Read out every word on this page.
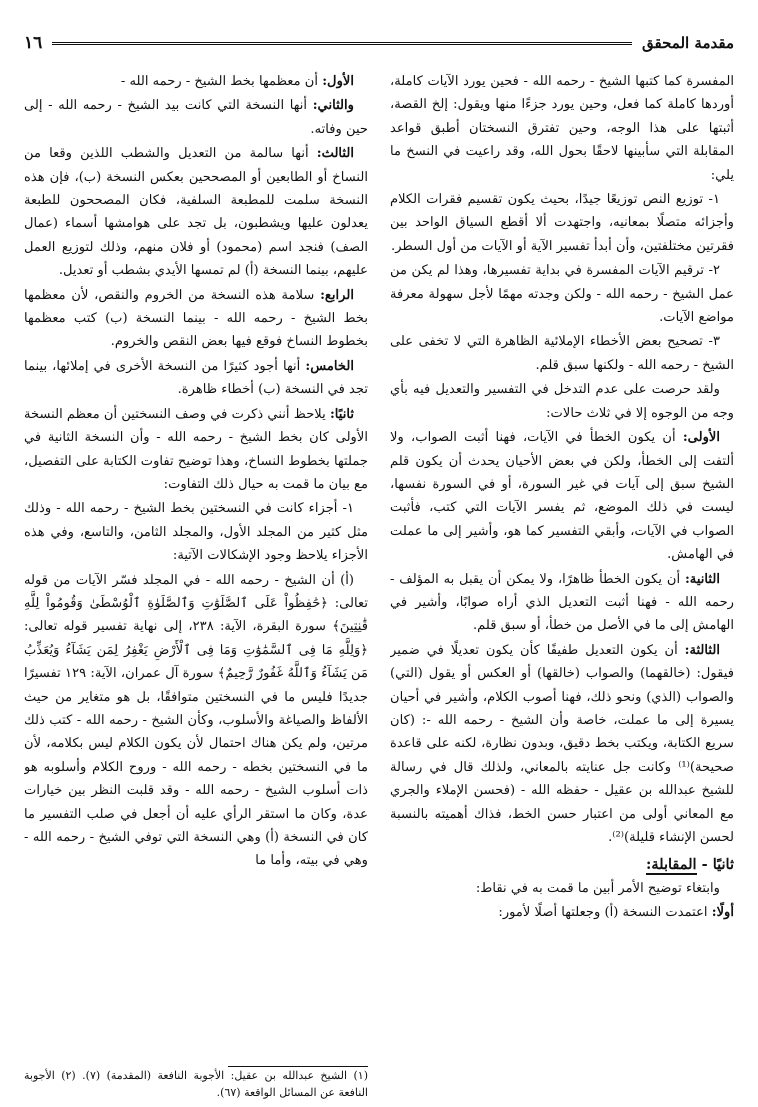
مقدمة المحقق
١٦

المفسرة كما كتبها الشيخ - رحمه الله - فحين يورد الآيات كاملة، أوردها كاملة كما فعل، وحين يورد جزءًا منها ويقول: إلخ القصة، أثبتها على هذا الوجه، وحين تفترق النسختان أطبق قواعد المقابلة التي سأبينها لاحقًا بحول الله، وقد راعيت في النسخ ما يلي:

١- توزيع النص توزيعًا جيدًا، بحيث يكون تقسيم فقرات الكلام وأجزائه متصلًا بمعانيه، واجتهدت ألا أقطع السياق الواحد بين فقرتين مختلفتين، وأن أبدأ تفسير الآية أو الآيات من أول السطر.

٢- ترقيم الآيات المفسرة في بداية تفسيرها، وهذا لم يكن من عمل الشيخ - رحمه الله - ولكن وجدته مهمًا لأجل سهولة معرفة مواضع الآيات.

٣- تصحيح بعض الأخطاء الإملائية الظاهرة التي لا تخفى على الشيخ - رحمه الله - ولكنها سبق قلم.

ولقد حرصت على عدم التدخل في التفسير والتعديل فيه بأي وجه من الوجوه إلا في ثلاث حالات:

الأولى: أن يكون الخطأ في الآيات، فهنا أثبت الصواب، ولا ألتفت إلى الخطأ، ولكن في بعض الأحيان يحدث أن يكون قلم الشيخ سبق إلى آيات في غير السورة، أو في السورة نفسها، ليست في ذلك الموضع، ثم يفسر الآيات التي كتب، فأثبت الصواب في الآيات، وأبقي التفسير كما هو، وأشير إلى ما عملت في الهامش.

الثانية: أن يكون الخطأ ظاهرًا، ولا يمكن أن يقبل به المؤلف - رحمه الله - فهنا أثبت التعديل الذي أراه صوابًا، وأشير في الهامش إلى ما في الأصل من خطأ، أو سبق قلم.

الثالثة: أن يكون التعديل طفيفًا كأن يكون تعديلًا في ضمير فيقول: (خالقهما) والصواب (خالقها) أو العكس أو يقول (التي) والصواب (الذي) ونحو ذلك، فهنا أصوب الكلام، وأشير في أحيان يسيرة إلى ما عملت، خاصة وأن الشيخ - رحمه الله -: (كان سريع الكتابة، ويكتب بخط دقيق، وبدون نظارة، لكنه على قاعدة صحيحة)⁽¹⁾ وكانت جل عنايته بالمعاني، ولذلك قال في رسالة للشيخ عبدالله بن عقيل - حفظه الله - (فحسن الإملاء والجري مع المعاني أولى من اعتبار حسن الخط، فذاك أهميته بالنسبة لحسن الإنشاء قليلة)⁽²⁾.

ثانيًا - المقابلة:

وابتغاء توضيح الأمر أبين ما قمت به في نقاط:

أولًا: اعتمدت النسخة (أ) وجعلتها أصلًا لأمور:

الأول: أن معظمها بخط الشيخ - رحمه الله -

والثاني: أنها النسخة التي كانت بيد الشيخ - رحمه الله - إلى حين وفاته.

الثالث: أنها سالمة من التعديل والشطب اللذين وقعا من النساخ أو الطابعين أو المصححين بعكس النسخة (ب)، فإن هذه النسخة سلمت للمطبعة السلفية، فكان المصححون للطبعة يعدلون عليها ويشطبون، بل تجد على هوامشها أسماء (عمال الصف) فنجد اسم (محمود) أو فلان منهم، وذلك لتوزيع العمل عليهم، بينما النسخة (أ) لم تمسها الأيدي بشطب أو تعديل.

الرابع: سلامة هذه النسخة من الخروم والنقص، لأن معظمها بخط الشيخ - رحمه الله - بينما النسخة (ب) كتب معظمها بخطوط النساخ فوقع فيها بعض النقص والخروم.

الخامس: أنها أجود كثيرًا من النسخة الأخرى في إملائها، بينما تجد في النسخة (ب) أخطاء ظاهرة.

ثانيًا: يلاحظ أنني ذكرت في وصف النسختين أن معظم النسخة الأولى كان بخط الشيخ - رحمه الله - وأن النسخة الثانية في جملتها بخطوط النساخ، وهذا توضيح تفاوت الكتابة على التفصيل، مع بيان ما قمت به حيال ذلك التفاوت:

١- أجزاء كانت في النسختين بخط الشيخ - رحمه الله - وذلك مثل كثير من المجلد الأول، والمجلد الثامن، والتاسع، وفي هذه الأجزاء يلاحظ وجود الإشكالات الآتية:

(أ) أن الشيخ - رحمه الله - في المجلد فسّر الآيات من قوله تعالى: ﴿حَٰفِظُواْ عَلَى ٱلصَّلَوَٰتِ وَٱلصَّلَوٰةِ ٱلْوُسْطَىٰ وَقُومُواْ لِلَّهِ قَٰنِتِينَ﴾ سورة البقرة، الآية: ٢٣٨، إلى نهاية تفسير قوله تعالى: ﴿وَلِلَّهِ مَا فِى ٱلسَّمَٰوَٰتِ وَمَا فِى ٱلْأَرْضِ يَغْفِرُ لِمَن يَشَآءُ وَيُعَذِّبُ مَن يَشَآءُ وَٱللَّهُ غَفُورٌ رَّحِيمٌ﴾ سورة آل عمران، الآية: ١٢٩ تفسيرًا جديدًا فليس ما في النسختين متوافقًا، بل هو متغاير من حيث الألفاظ والصياغة والأسلوب، وكأن الشيخ - رحمه الله - كتب ذلك مرتين، ولم يكن هناك احتمال لأن يكون الكلام ليس بكلامه، لأن ما في النسختين بخطه - رحمه الله - وروح الكلام وأسلوبه هو ذات أسلوب الشيخ - رحمه الله - وقد قلبت النظر بين خيارات عدة، وكان ما استقر الرأي عليه أن أجعل في صلب التفسير ما كان في النسخة (أ) وهي النسخة التي توفي الشيخ - رحمه الله - وهي في بيته، وأما ما

(١) الشيخ عبدالله بن عقيل: الأجوبة النافعة (المقدمة) (٧). (٢) الأجوبة النافعة عن المسائل الواقعة (٦٧).
